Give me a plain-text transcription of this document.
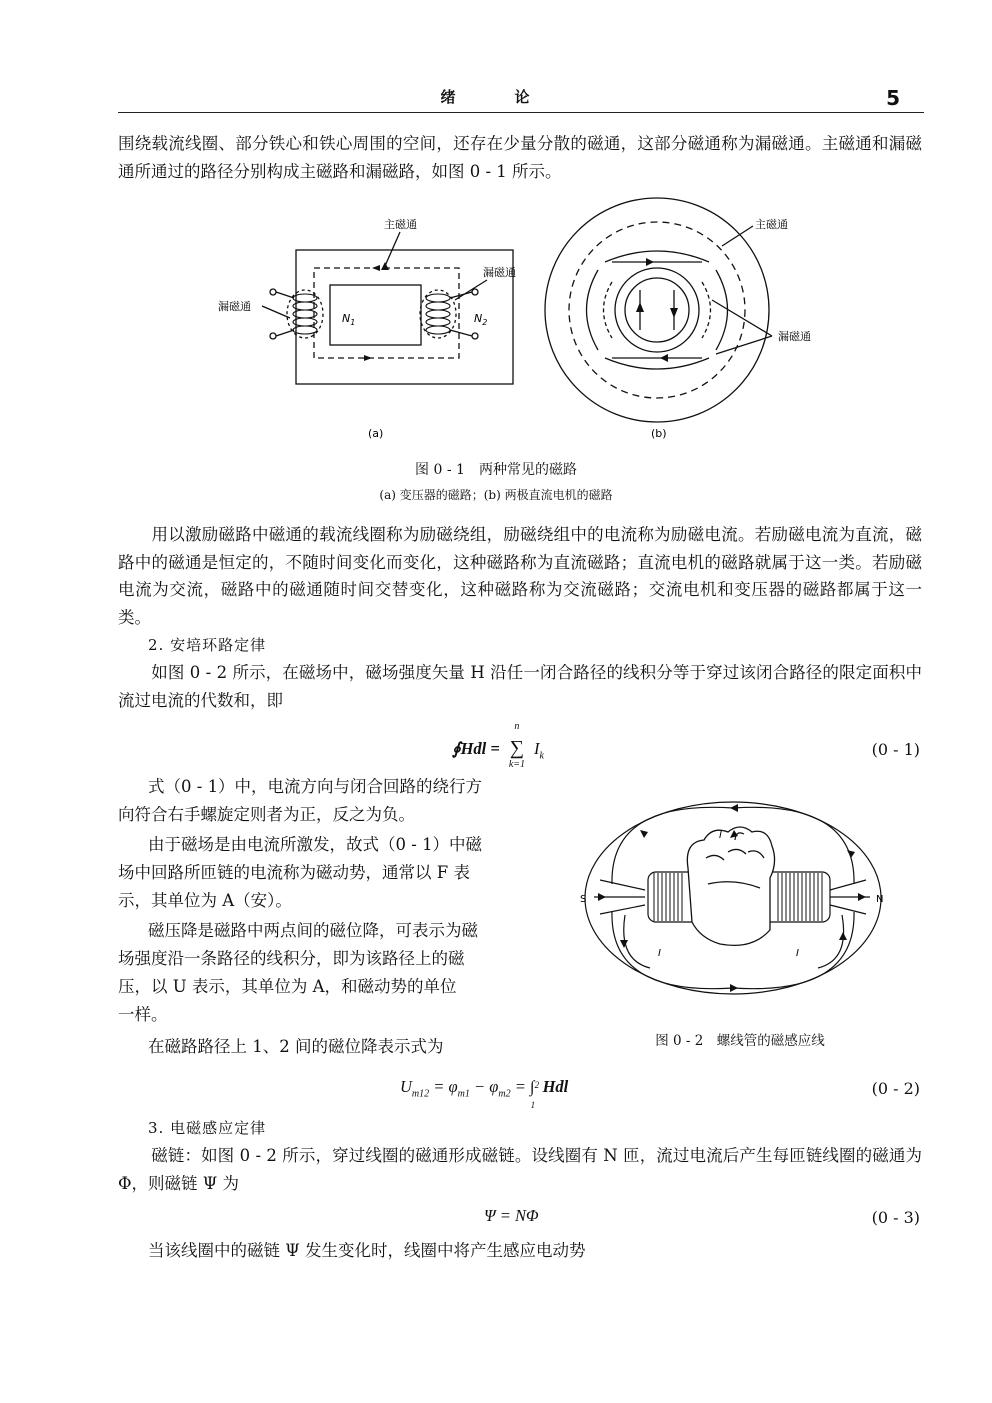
绪　论	5
围绕载流线圈、部分铁心和铁心周围的空间，还存在少量分散的磁通，这部分磁通称为漏磁通。主磁通和漏磁通所通过的路径分别构成主磁路和漏磁路，如图 0 - 1 所示。
主磁通
漏磁通
漏磁通
$N_1$	$N_2$
(a)
主磁通
漏磁通
(b)
图 0 - 1　两种常见的磁路
(a) 变压器的磁路；(b) 两极直流电机的磁路
　　用以激励磁路中磁通的载流线圈称为励磁绕组，励磁绕组中的电流称为励磁电流。若励磁电流为直流，磁路中的磁通是恒定的，不随时间变化而变化，这种磁路称为直流磁路；直流电机的磁路就属于这一类。若励磁电流为交流，磁路中的磁通随时间交替变化，这种磁路称为交流磁路；交流电机和变压器的磁路都属于这一类。
2. 安培环路定律
　　如图 0 - 2 所示，在磁场中，磁场强度矢量 H 沿任一闭合路径的线积分等于穿过该闭合路径的限定面积中流过电流的代数和，即
∮Hdl =
n
∑
k=1
$I_k$	(0 - 1)
式（0 - 1）中，电流方向与闭合回路的绕行方
向符合右手螺旋定则者为正，反之为负。
由于磁场是由电流所激发，故式（0 - 1）中磁
场中回路所匝链的电流称为磁动势，通常以 F 表
示，其单位为 A（安）。
磁压降是磁路中两点间的磁位降，可表示为磁
场强度沿一条路径的线积分，即为该路径上的磁
压，以 U 表示，其单位为 A，和磁动势的单位
一样。
在磁路路径上 1、2 间的磁位降表示式为
S	N
I
I	I
图 0 - 2　螺线管的磁感应线
$U_{m12} = \varphi_{m1} - \varphi_{m2}$ = ∫ 2
1
Hdl	(0 - 2)
3. 电磁感应定律
　　磁链：如图 0 - 2 所示，穿过线圈的磁通形成磁链。设线圈有 N 匝，流过电流后产生每匝链线圈的磁通为 Φ，则磁链 Ψ 为
Ψ = NΦ	(0 - 3)
当该线圈中的磁链 Ψ 发生变化时，线圈中将产生感应电动势
